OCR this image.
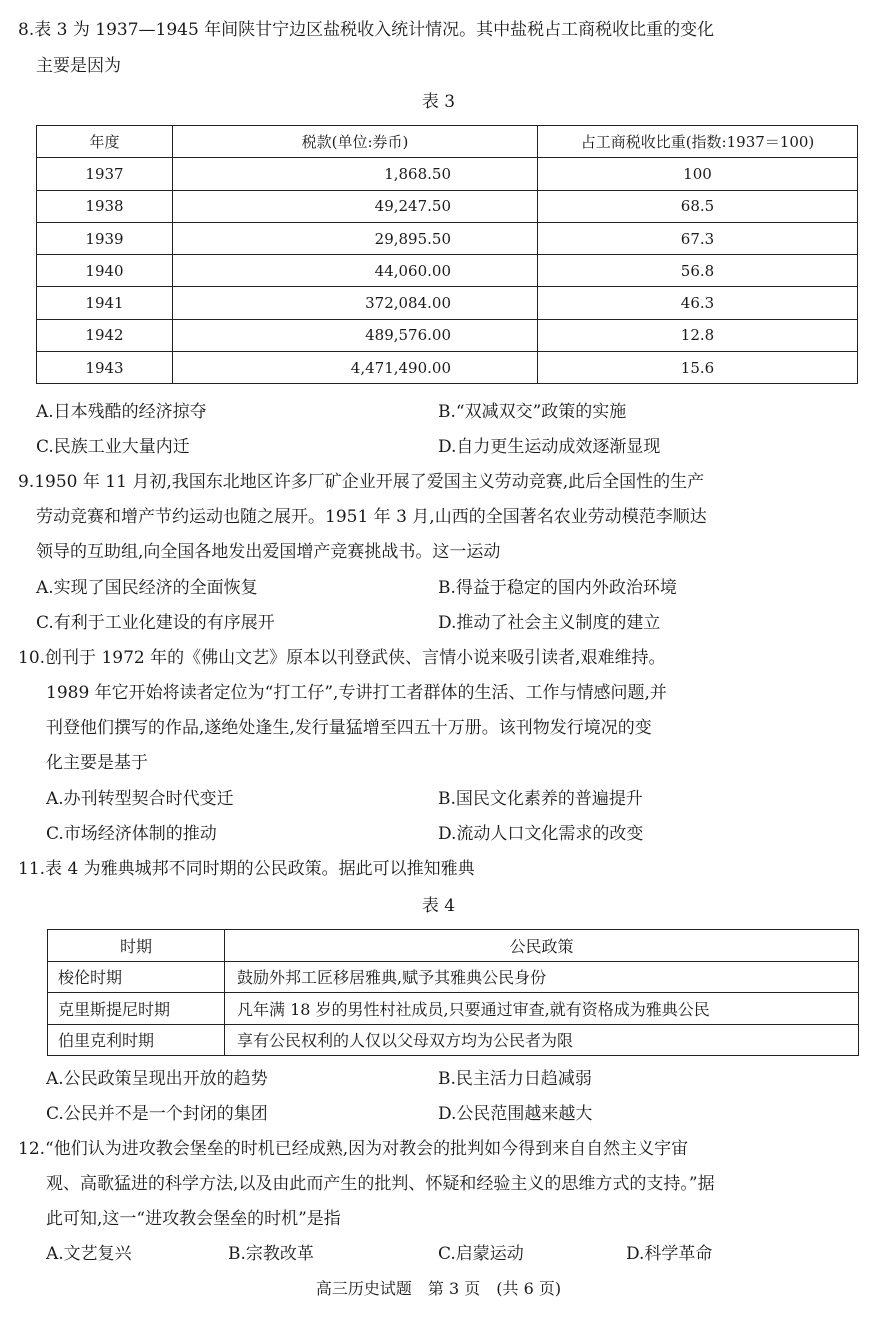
8.表 3 为 1937—1945 年间陕甘宁边区盐税收入统计情况。其中盐税占工商税收比重的变化
主要是因为
表 3
年度	税款(单位:券币)	占工商税收比重(指数:1937＝100)
1937	1,868.50	100
1938	49,247.50	68.5
1939	29,895.50	67.3
1940	44,060.00	56.8
1941	372,084.00	46.3
1942	489,576.00	12.8
1943	4,471,490.00	15.6
A.日本残酷的经济掠夺	B.“双减双交”政策的实施
C.民族工业大量内迁	D.自力更生运动成效逐渐显现
9.1950 年 11 月初,我国东北地区许多厂矿企业开展了爱国主义劳动竞赛,此后全国性的生产
劳动竞赛和增产节约运动也随之展开。1951 年 3 月,山西的全国著名农业劳动模范李顺达
领导的互助组,向全国各地发出爱国增产竞赛挑战书。这一运动
A.实现了国民经济的全面恢复	B.得益于稳定的国内外政治环境
C.有利于工业化建设的有序展开	D.推动了社会主义制度的建立
10.创刊于 1972 年的《佛山文艺》原本以刊登武侠、言情小说来吸引读者,艰难维持。
1989 年它开始将读者定位为“打工仔”,专讲打工者群体的生活、工作与情感问题,并
刊登他们撰写的作品,遂绝处逢生,发行量猛增至四五十万册。该刊物发行境况的变
化主要是基于
A.办刊转型契合时代变迁	B.国民文化素养的普遍提升
C.市场经济体制的推动	D.流动人口文化需求的改变
11.表 4 为雅典城邦不同时期的公民政策。据此可以推知雅典
表 4
时期	公民政策
梭伦时期	鼓励外邦工匠移居雅典,赋予其雅典公民身份
克里斯提尼时期	凡年满 18 岁的男性村社成员,只要通过审查,就有资格成为雅典公民
伯里克利时期	享有公民权利的人仅以父母双方均为公民者为限
A.公民政策呈现出开放的趋势	B.民主活力日趋减弱
C.公民并不是一个封闭的集团	D.公民范围越来越大
12.“他们认为进攻教会堡垒的时机已经成熟,因为对教会的批判如今得到来自自然主义宇宙
观、高歌猛进的科学方法,以及由此而产生的批判、怀疑和经验主义的思维方式的支持。”据
此可知,这一“进攻教会堡垒的时机”是指
A.文艺复兴	B.宗教改革	C.启蒙运动	D.科学革命
高三历史试题　第 3 页　(共 6 页)
